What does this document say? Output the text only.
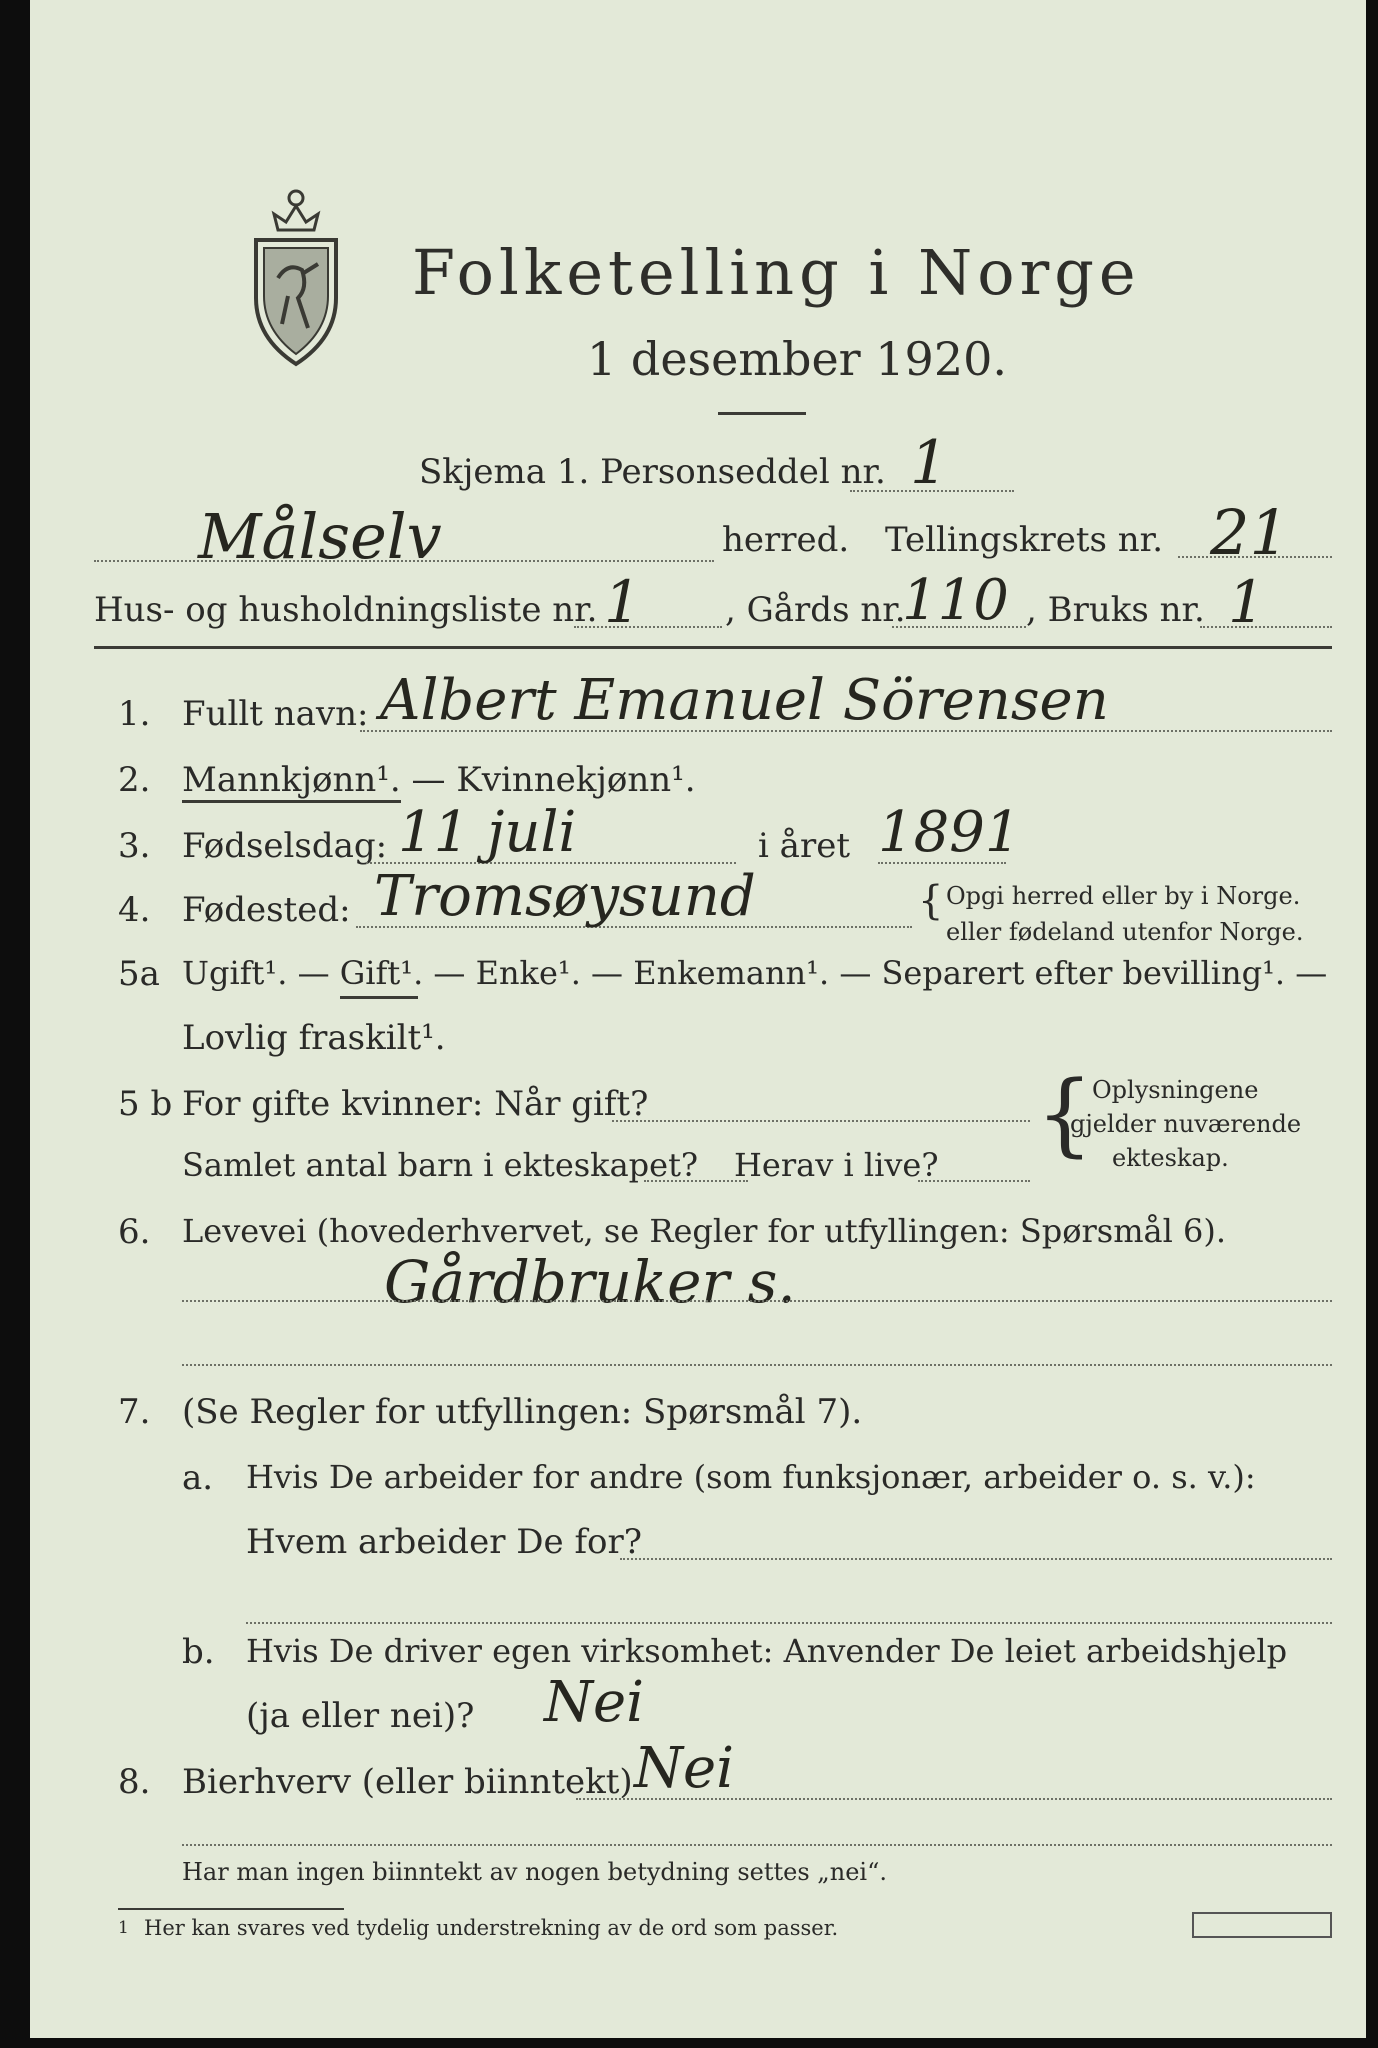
Folketelling i Norge
1 desember 1920.
Skjema 1. Personseddel nr. 1
Målselv	herred. Tellingskrets nr. 21
Hus- og husholdningsliste nr. 1 , Gårds nr.
110 , Bruks nr. 1
1. Fullt navn: Albert Emanuel Sörensen
2. Mannkjønn¹. — Kvinnekjønn¹.
3. Fødselsdag: 11 juli	i året 1891
4. Fødested: Tromsøysund	{ Opgi herred eller by i Norge.
eller fødeland utenfor Norge.
5a Ugift¹. — Gift¹. — Enke¹. — Enkemann¹. — Separert efter bevilling¹. —
Lovlig fraskilt¹.
5 b For gifte kvinner: Når gift?
Samlet antal barn i ekteskapet? Herav i live? {
Oplysningene
gjelder nuværende
ekteskap.
6. Levevei (hovederhvervet, se Regler for utfyllingen: Spørsmål 6).
Gårdbruker s.
7. (Se Regler for utfyllingen: Spørsmål 7).
a. Hvis De arbeider for andre (som funksjonær, arbeider o. s. v.):
Hvem arbeider De for?
b. Hvis De driver egen virksomhet: Anvender De leiet arbeidshjelp
(ja eller nei)? Nei
8. Bierhverv (eller biinntekt) Nei
Har man ingen biinntekt av nogen betydning settes „nei“.
1 Her kan svares ved tydelig understrekning av de ord som passer.
